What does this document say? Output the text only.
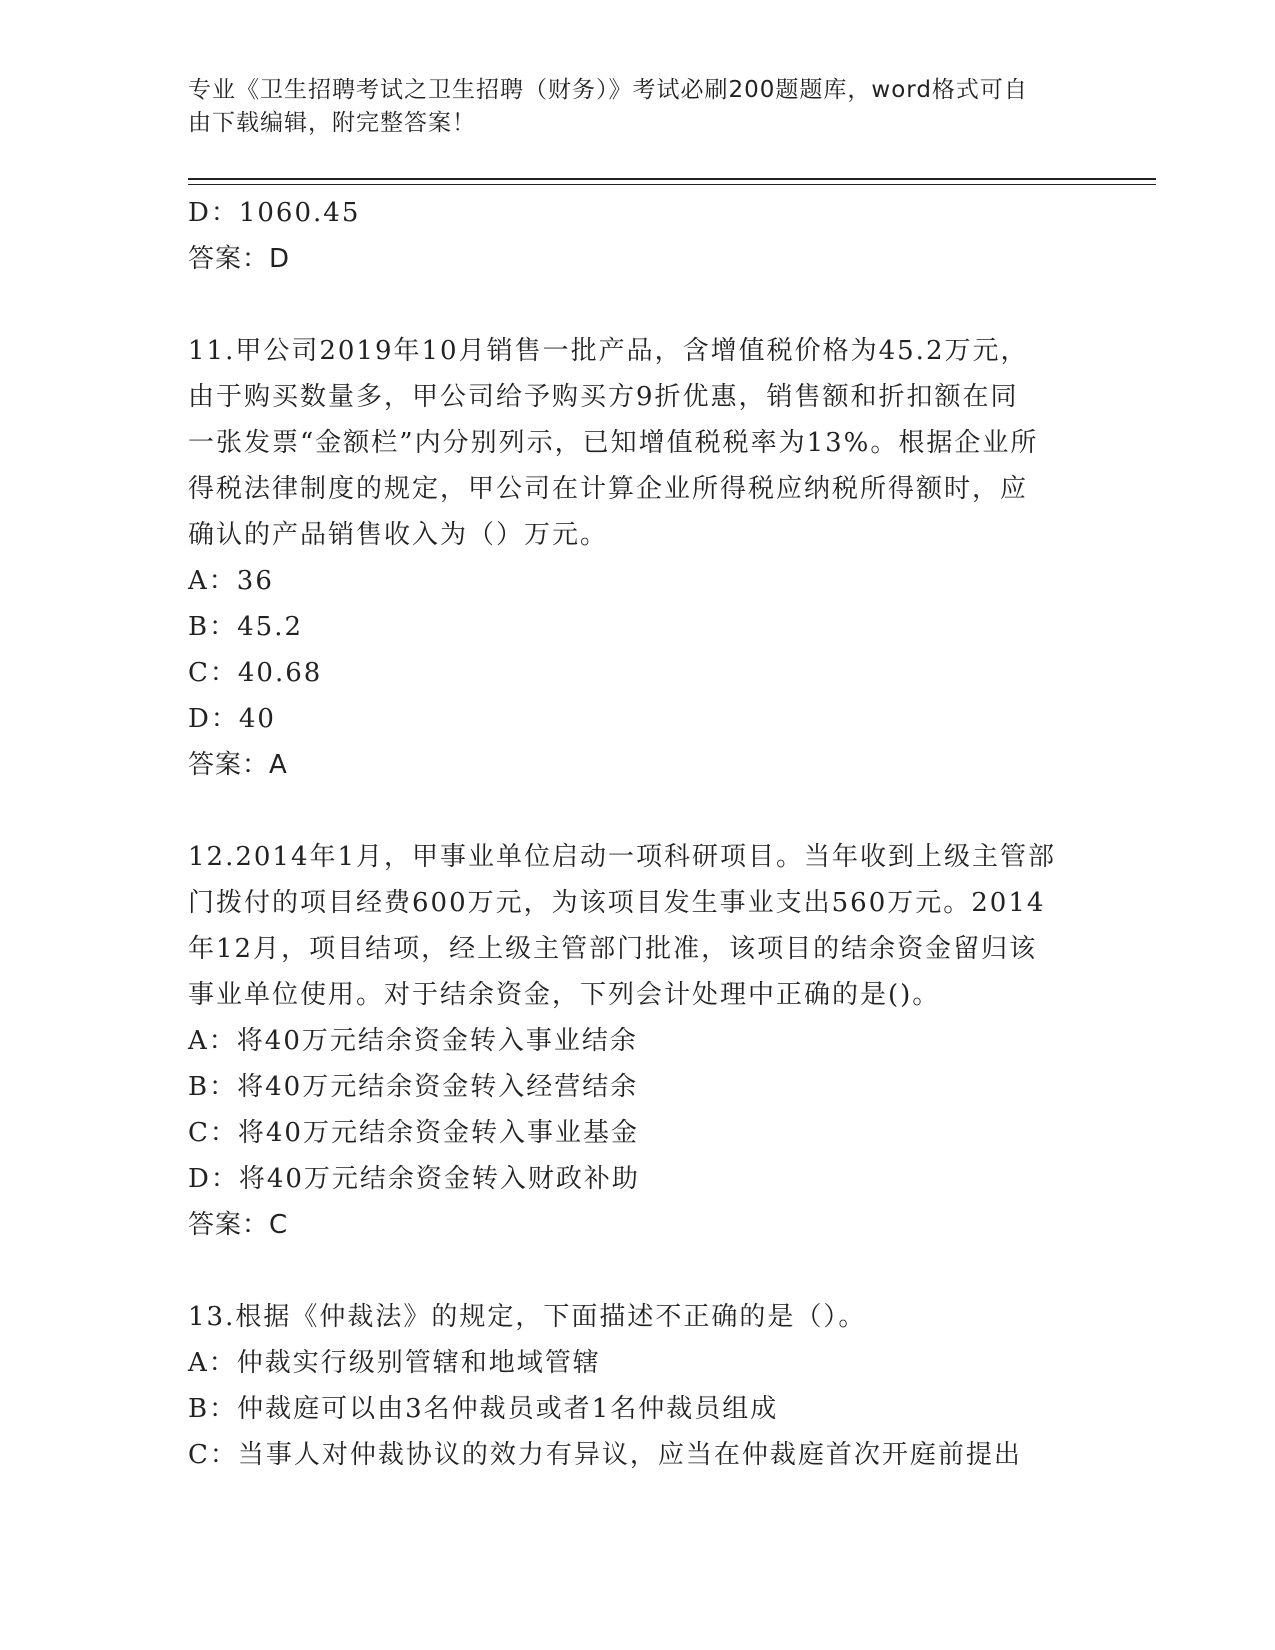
专业《卫生招聘考试之卫生招聘（财务）》考试必刷200题题库，word格式可自
由下载编辑，附完整答案！
D：1060.45
答案：D
11.甲公司2019年10月销售一批产品，含增值税价格为45.2万元，
由于购买数量多，甲公司给予购买方9折优惠，销售额和折扣额在同
一张发票“金额栏”内分别列示，已知增值税税率为13%。根据企业所
得税法律制度的规定，甲公司在计算企业所得税应纳税所得额时，应
确认的产品销售收入为（）万元。
A：36
B：45.2
C：40.68
D：40
答案：A
12.2014年1月，甲事业单位启动一项科研项目。当年收到上级主管部
门拨付的项目经费600万元，为该项目发生事业支出560万元。2014
年12月，项目结项，经上级主管部门批准，该项目的结余资金留归该
事业单位使用。对于结余资金，下列会计处理中正确的是()。
A：将40万元结余资金转入事业结余
B：将40万元结余资金转入经营结余
C：将40万元结余资金转入事业基金
D：将40万元结余资金转入财政补助
答案：C
13.根据《仲裁法》的规定，下面描述不正确的是（）。
A：仲裁实行级别管辖和地域管辖
B：仲裁庭可以由3名仲裁员或者1名仲裁员组成
C：当事人对仲裁协议的效力有异议，应当在仲裁庭首次开庭前提出
